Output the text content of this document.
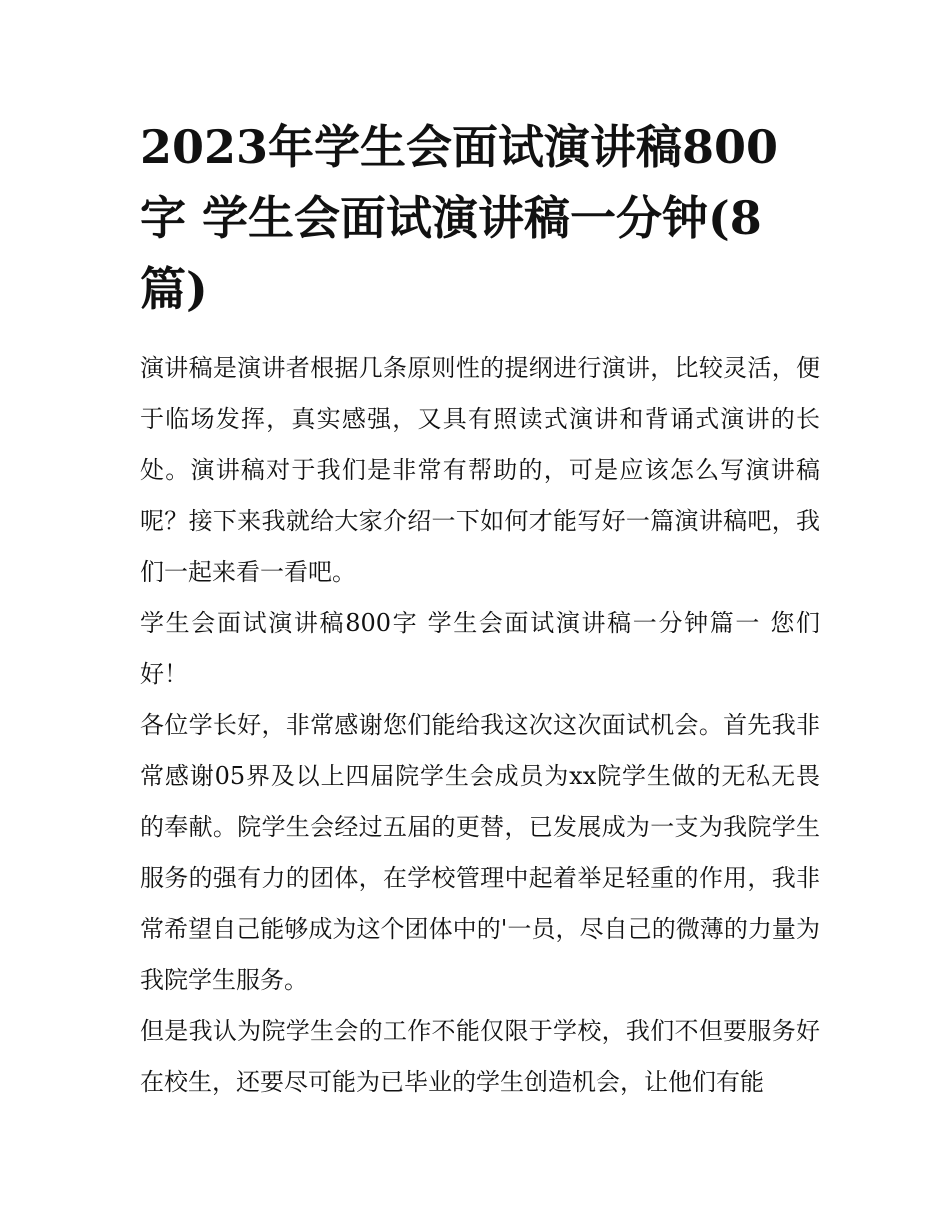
2023年学生会面试演讲稿800字 学生会面试演讲稿一分钟(8篇)

演讲稿是演讲者根据几条原则性的提纲进行演讲，比较灵活，便于临场发挥，真实感强，又具有照读式演讲和背诵式演讲的长处。演讲稿对于我们是非常有帮助的，可是应该怎么写演讲稿呢？接下来我就给大家介绍一下如何才能写好一篇演讲稿吧，我们一起来看一看吧。

学生会面试演讲稿800字 学生会面试演讲稿一分钟篇一 您们好！

各位学长好，非常感谢您们能给我这次这次面试机会。首先我非常感谢05界及以上四届院学生会成员为xx院学生做的无私无畏的奉献。院学生会经过五届的更替，已发展成为一支为我院学生服务的强有力的团体，在学校管理中起着举足轻重的作用，我非常希望自己能够成为这个团体中的'一员，尽自己的微薄的力量为我院学生服务。

但是我认为院学生会的工作不能仅限于学校，我们不但要服务好在校生，还要尽可能为已毕业的学生创造机会，让他们有能
